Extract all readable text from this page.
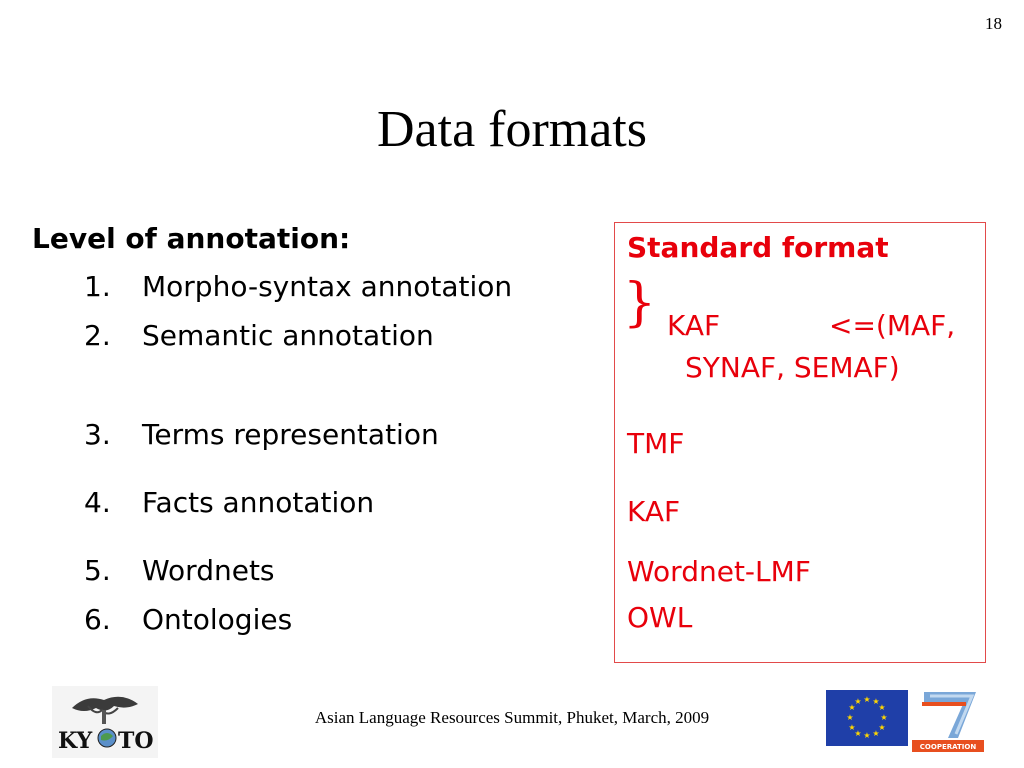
18
Data formats
Level of annotation:
1. Morpho-syntax annotation
2. Semantic annotation
3. Terms representation
4. Facts annotation
5. Wordnets
6. Ontologies
Standard format
} KAF	<=(MAF,
SYNAF, SEMAF)
TMF
KAF
Wordnet-LMF
OWL
KY TO
Asian Language Resources Summit, Phuket, March, 2009
★ ★
★
★
★
★
★
★
★
★
★
★
COOPERATION
